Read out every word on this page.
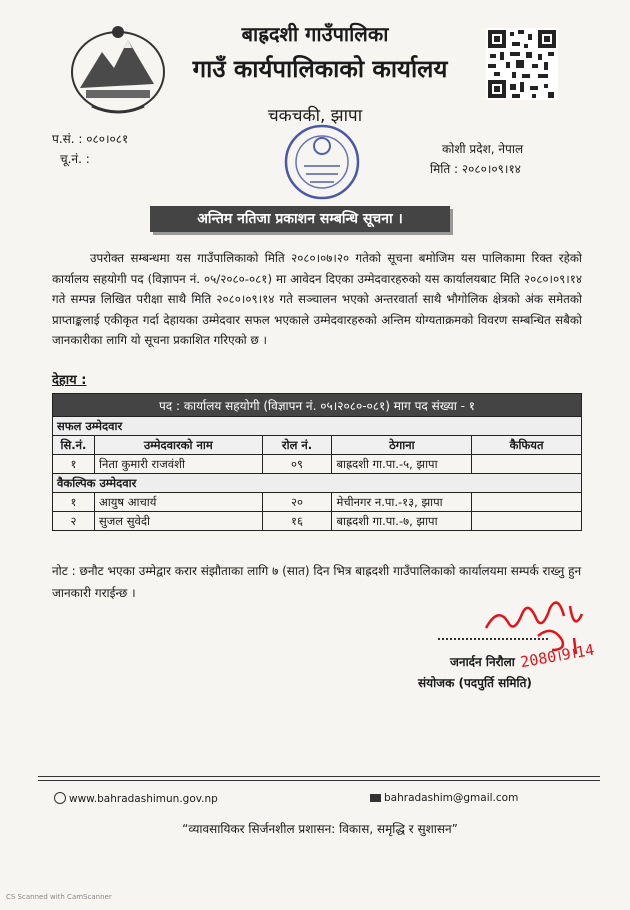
बाह्रदशी गाउँपालिका
गाउँ कार्यपालिकाको कार्यालय
चकचकी, झापा
प.सं. : ०८०।०८१
चू.नं. :
कोशी प्रदेश, नेपाल
मिति : २०८०।०९।१४
अन्तिम नतिजा प्रकाशन सम्बन्धि सूचना ।

उपरोक्त सम्बन्धमा यस गाउँपालिकाको मिति २०८०।०७।२० गतेको सूचना बमोजिम यस पालिकामा रिक्त रहेको कार्यालय सहयोगी पद (विज्ञापन नं. ०५/२०८०-०८१) मा आवेदन दिएका उम्मेदवारहरुको यस कार्यालयबाट मिति २०८०।०९।१४ गते सम्पन्न लिखित परीक्षा साथै मिति २०८०।०९।१४ गते सञ्चालन भएको अन्तरवार्ता साथै भौगोलिक क्षेत्रको अंक समेतको प्राप्ताङ्कलाई एकीकृत गर्दा देहायका उम्मेदवार सफल भएकाले उम्मेदवारहरुको अन्तिम योग्यताक्रमको विवरण सम्बन्धित सबैको जानकारीका लागि यो सूचना प्रकाशित गरिएको छ ।

देहाय :
पद : कार्यालय सहयोगी (विज्ञापन नं. ०५।२०८०-०८१) माग पद संख्या - १				
सफल उम्मेदवार				
सि.नं.	उम्मेदवारको नाम	रोल नं.	ठेगाना	कैफियत
१	निता कुमारी राजवंशी	०९	बाह्रदशी गा.पा.-५, झापा	
वैकल्पिक उम्मेदवार				
१	आयुष आचार्य	२०	मेचीनगर न.पा.-१३, झापा	
२	सुजल सुवेदी	१६	बाह्रदशी गा.पा.-७, झापा	
नोट : छनौट भएका उम्मेद्वार करार संझौताका लागि ७ (सात) दिन भित्र बाह्रदशी गाउँपालिकाको कार्यालयमा सम्पर्क राख्नु हुन जानकारी गराईन्छ ।
2080।9।14
जनार्दन निरौला
संयोजक (पदपुर्ति समिति)
www.bahradashimun.gov.np	bahradashim@gmail.com
“व्यावसायिकर सिर्जनशील प्रशासन: विकास, समृद्धि र सुशासन”
CS Scanned with CamScanner
